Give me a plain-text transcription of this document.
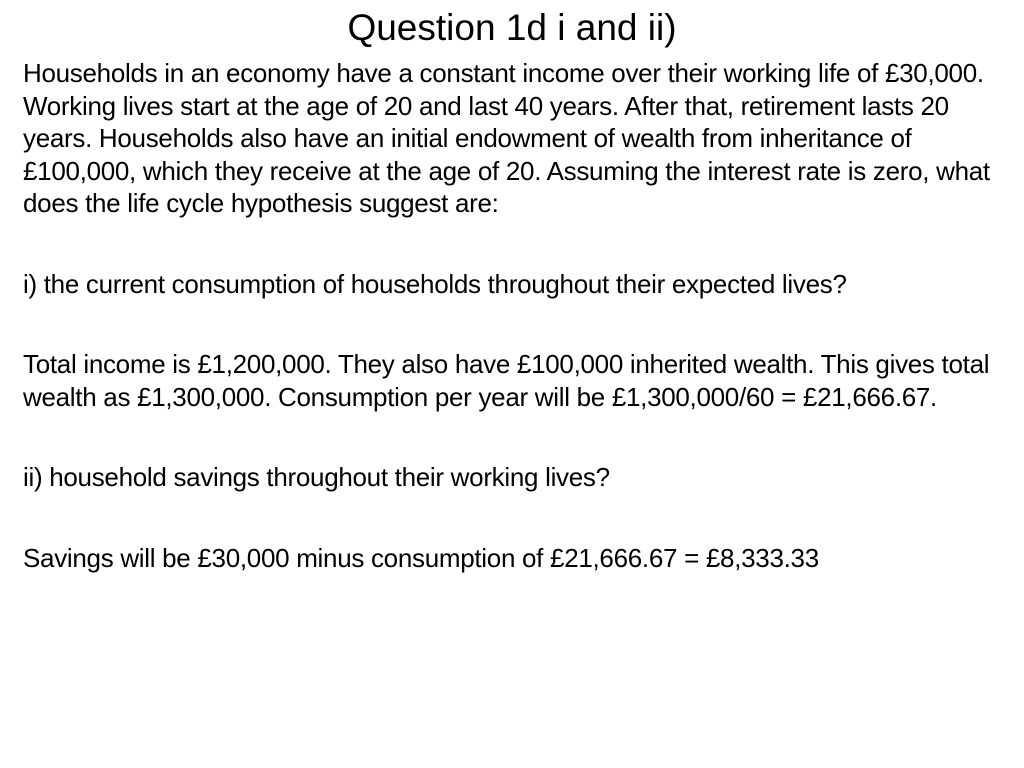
Question 1d i and ii)

Households in an economy have a constant income over their working life of £30,000. Working lives start at the age of 20 and last 40 years. After that, retirement lasts 20 years. Households also have an initial endowment of wealth from inheritance of £100,000, which they receive at the age of 20. Assuming the interest rate is zero, what does the life cycle hypothesis suggest are:

i) the current consumption of households throughout their expected lives?

Total income is £1,200,000. They also have £100,000 inherited wealth. This gives total wealth as £1,300,000. Consumption per year will be £1,300,000/60 = £21,666.67.

ii) household savings throughout their working lives?

Savings will be £30,000 minus consumption of £21,666.67 = £8,333.33
